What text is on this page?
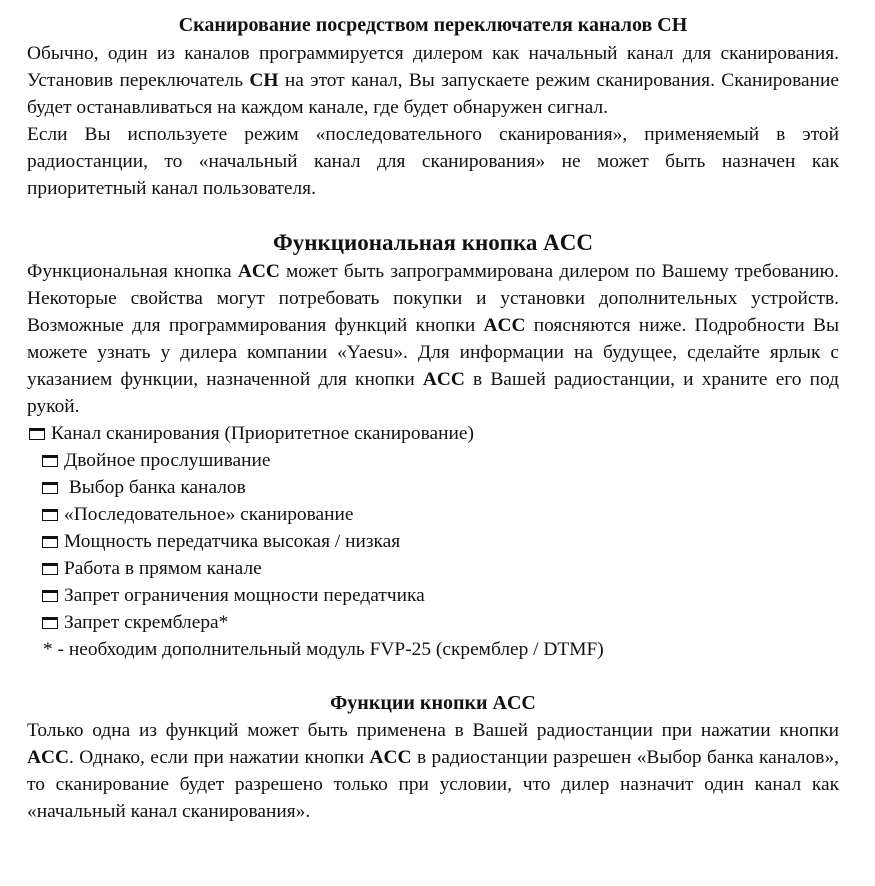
Сканирование посредством переключателя каналов CH

Обычно, один из каналов программируется дилером как начальный канал для сканирования. Установив переключатель CH на этот канал, Вы запускаете режим сканирования. Сканирование будет останавливаться на каждом канале, где будет обнаружен сигнал.

Если Вы используете режим «последовательного сканирования», применяемый в этой радиостанции, то «начальный канал для сканирования» не может быть назначен как приоритетный канал пользователя.

Функциональная кнопка ACC

Функциональная кнопка ACC может быть запрограммирована дилером по Вашему требованию. Некоторые свойства могут потребовать покупки и установки дополнительных устройств. Возможные для программирования функций кнопки ACC поясняются ниже. Подробности Вы можете узнать у дилера компании «Yaesu». Для информации на будущее, сделайте ярлык с указанием функции, назначенной для кнопки ACC в Вашей радиостанции, и храните его под рукой.

Канал сканирования (Приоритетное сканирование)
Двойное прослушивание
Выбор банка каналов
«Последовательное» сканирование
Мощность передатчика высокая / низкая
Работа в прямом канале
Запрет ограничения мощности передатчика
Запрет скремблера*
* - необходим дополнительный модуль FVP-25 (скремблер / DTMF)
Функции кнопки ACC

Только одна из функций может быть применена в Вашей радиостанции при нажатии кнопки ACC. Однако, если при нажатии кнопки ACC в радиостанции разрешен «Выбор банка каналов», то сканирование будет разрешено только при условии, что дилер назначит один канал как «начальный канал сканирования».
